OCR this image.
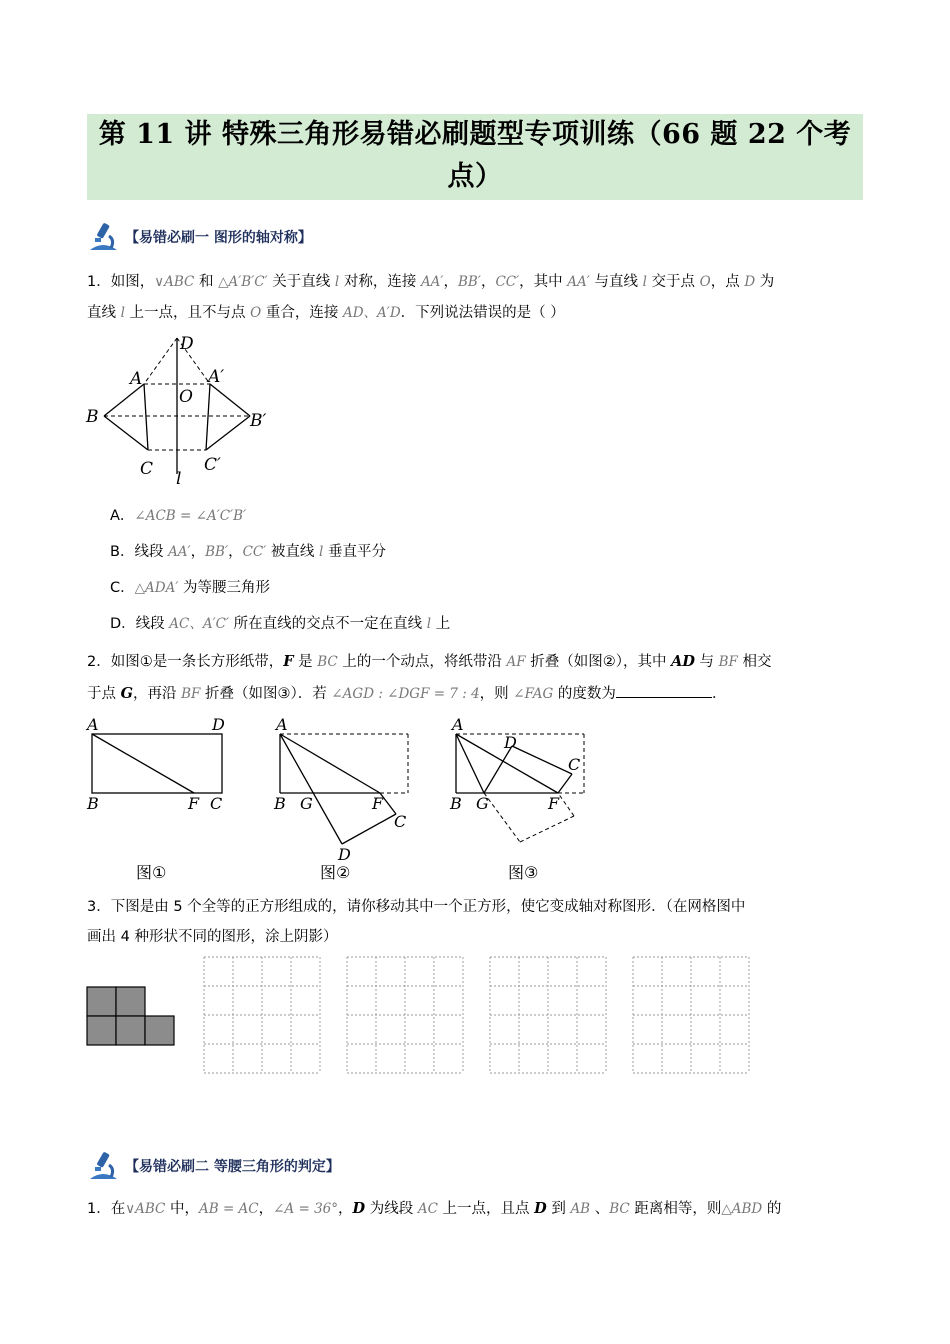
第 11 讲 特殊三角形易错必刷题型专项训练（66 题 22 个考
点）
【易错必刷一 图形的轴对称】
1．如图，∨ABC 和 △A′B′C′ 关于直线 l 对称，连接 AA′，BB′，CC′，其中 AA′ 与直线 l 交于点 O，点 D 为
直线 l 上一点，且不与点 O 重合，连接 AD、A′D．下列说法错误的是（ ）
D
A	A′
O
B	B′
C	C′
l
A．∠ACB = ∠A′C′B′
B．线段 AA′，BB′，CC′ 被直线 l 垂直平分
C．△ADA′ 为等腰三角形
D．线段 AC、A′C′ 所在直线的交点不一定在直线 l 上
2．如图①是一条长方形纸带，F 是 BC 上的一个动点，将纸带沿 AF 折叠（如图②），其中 AD 与 BF 相交
于点 G，再沿 BF 折叠（如图③）．若 ∠AGD : ∠DGF = 7 : 4，则 ∠FAG 的度数为	．
A	D
B	F C
A
B G	F
C
D
A
D
C
B G	F
图①	图②	图③
3．下图是由 5 个全等的正方形组成的，请你移动其中一个正方形，使它变成轴对称图形．（在网格图中
画出 4 种形状不同的图形，涂上阴影）
【易错必刷二 等腰三角形的判定】
1．在∨ABC 中，AB = AC，∠A = 36°，D 为线段 AC 上一点，且点 D 到 AB 、BC 距离相等，则△ABD 的
